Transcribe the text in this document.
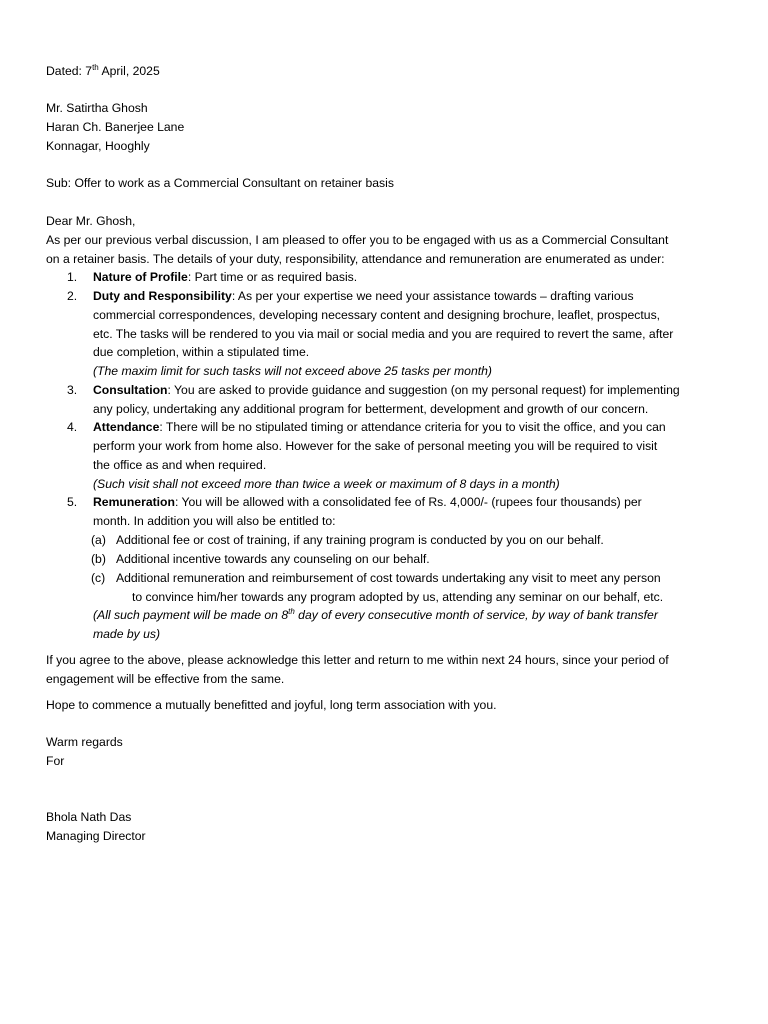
Dated: 7th April, 2025
Mr. Satirtha Ghosh
Haran Ch. Banerjee Lane
Konnagar, Hooghly
Sub: Offer to work as a Commercial Consultant on retainer basis
Dear Mr. Ghosh,
As per our previous verbal discussion, I am pleased to offer you to be engaged with us as a Commercial Consultant
on a retainer basis. The details of your duty, responsibility, attendance and remuneration are enumerated as under:
1. Nature of Profile: Part time or as required basis.
2. Duty and Responsibility: As per your expertise we need your assistance towards – drafting various
commercial correspondences, developing necessary content and designing brochure, leaflet, prospectus,
etc. The tasks will be rendered to you via mail or social media and you are required to revert the same, after
due completion, within a stipulated time.
(The maxim limit for such tasks will not exceed above 25 tasks per month)
3. Consultation: You are asked to provide guidance and suggestion (on my personal request) for implementing
any policy, undertaking any additional program for betterment, development and growth of our concern.
4. Attendance: There will be no stipulated timing or attendance criteria for you to visit the office, and you can
perform your work from home also. However for the sake of personal meeting you will be required to visit
the office as and when required.
(Such visit shall not exceed more than twice a week or maximum of 8 days in a month)
5. Remuneration: You will be allowed with a consolidated fee of Rs. 4,000/- (rupees four thousands) per
month. In addition you will also be entitled to:
(a) Additional fee or cost of training, if any training program is conducted by you on our behalf.
(b) Additional incentive towards any counseling on our behalf.
(c) Additional remuneration and reimbursement of cost towards undertaking any visit to meet any person
to convince him/her towards any program adopted by us, attending any seminar on our behalf, etc.
(All such payment will be made on 8th day of every consecutive month of service, by way of bank transfer
made by us)
If you agree to the above, please acknowledge this letter and return to me within next 24 hours, since your period of
engagement will be effective from the same.
Hope to commence a mutually benefitted and joyful, long term association with you.
Warm regards
For
Bhola Nath Das
Managing Director
